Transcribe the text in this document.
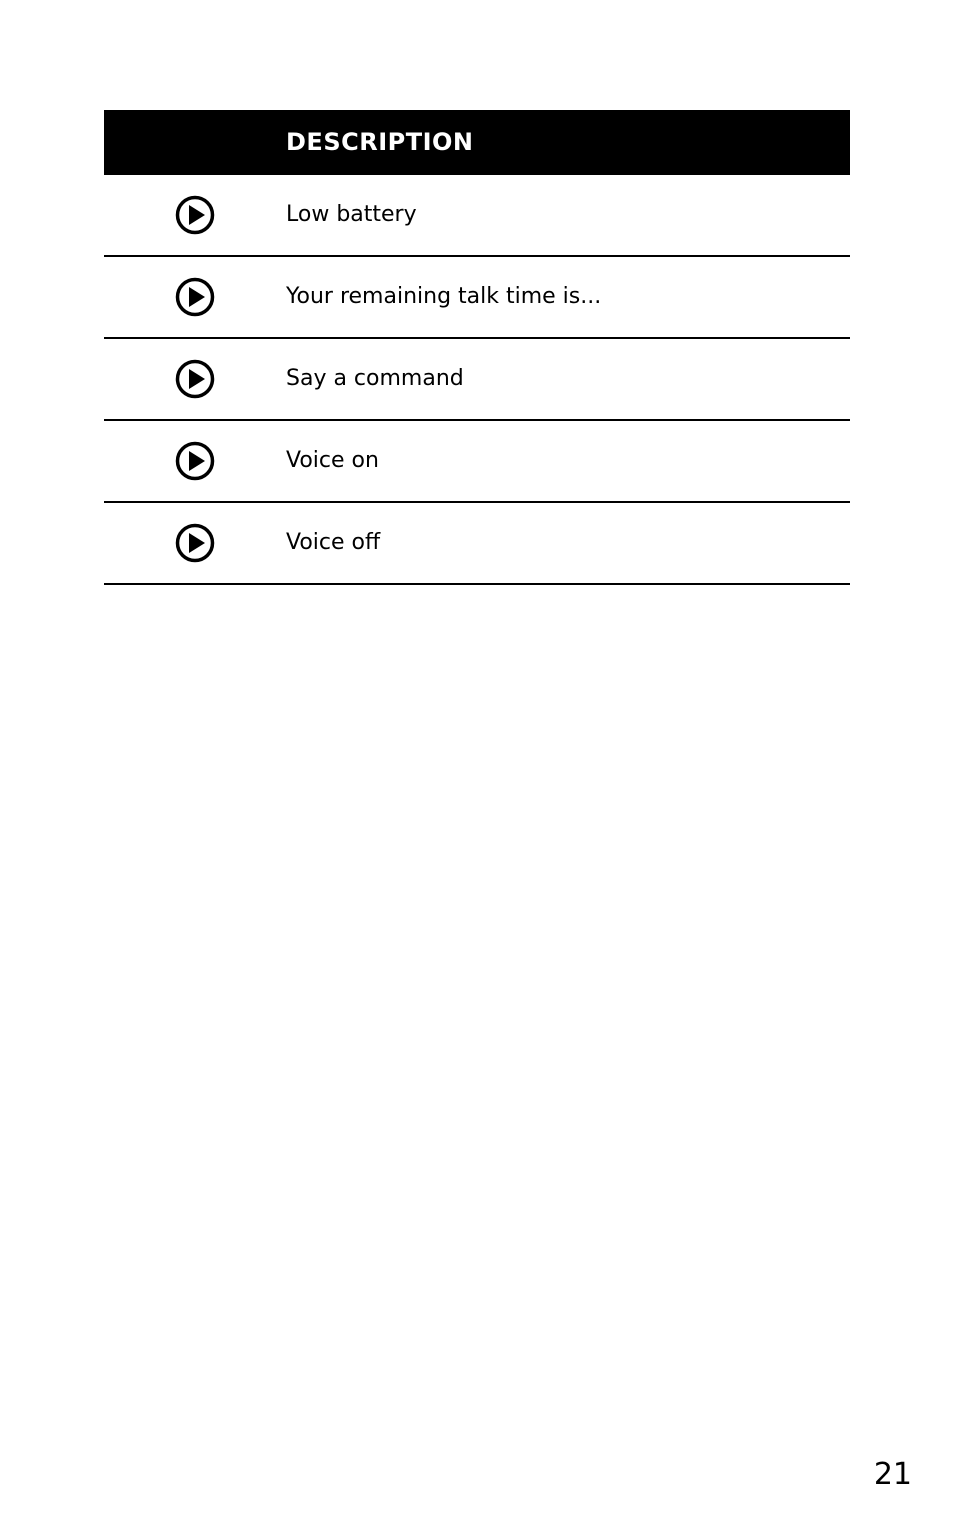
DESCRIPTION
Low battery
Your remaining talk time is...
Say a command
Voice on
Voice off
21
